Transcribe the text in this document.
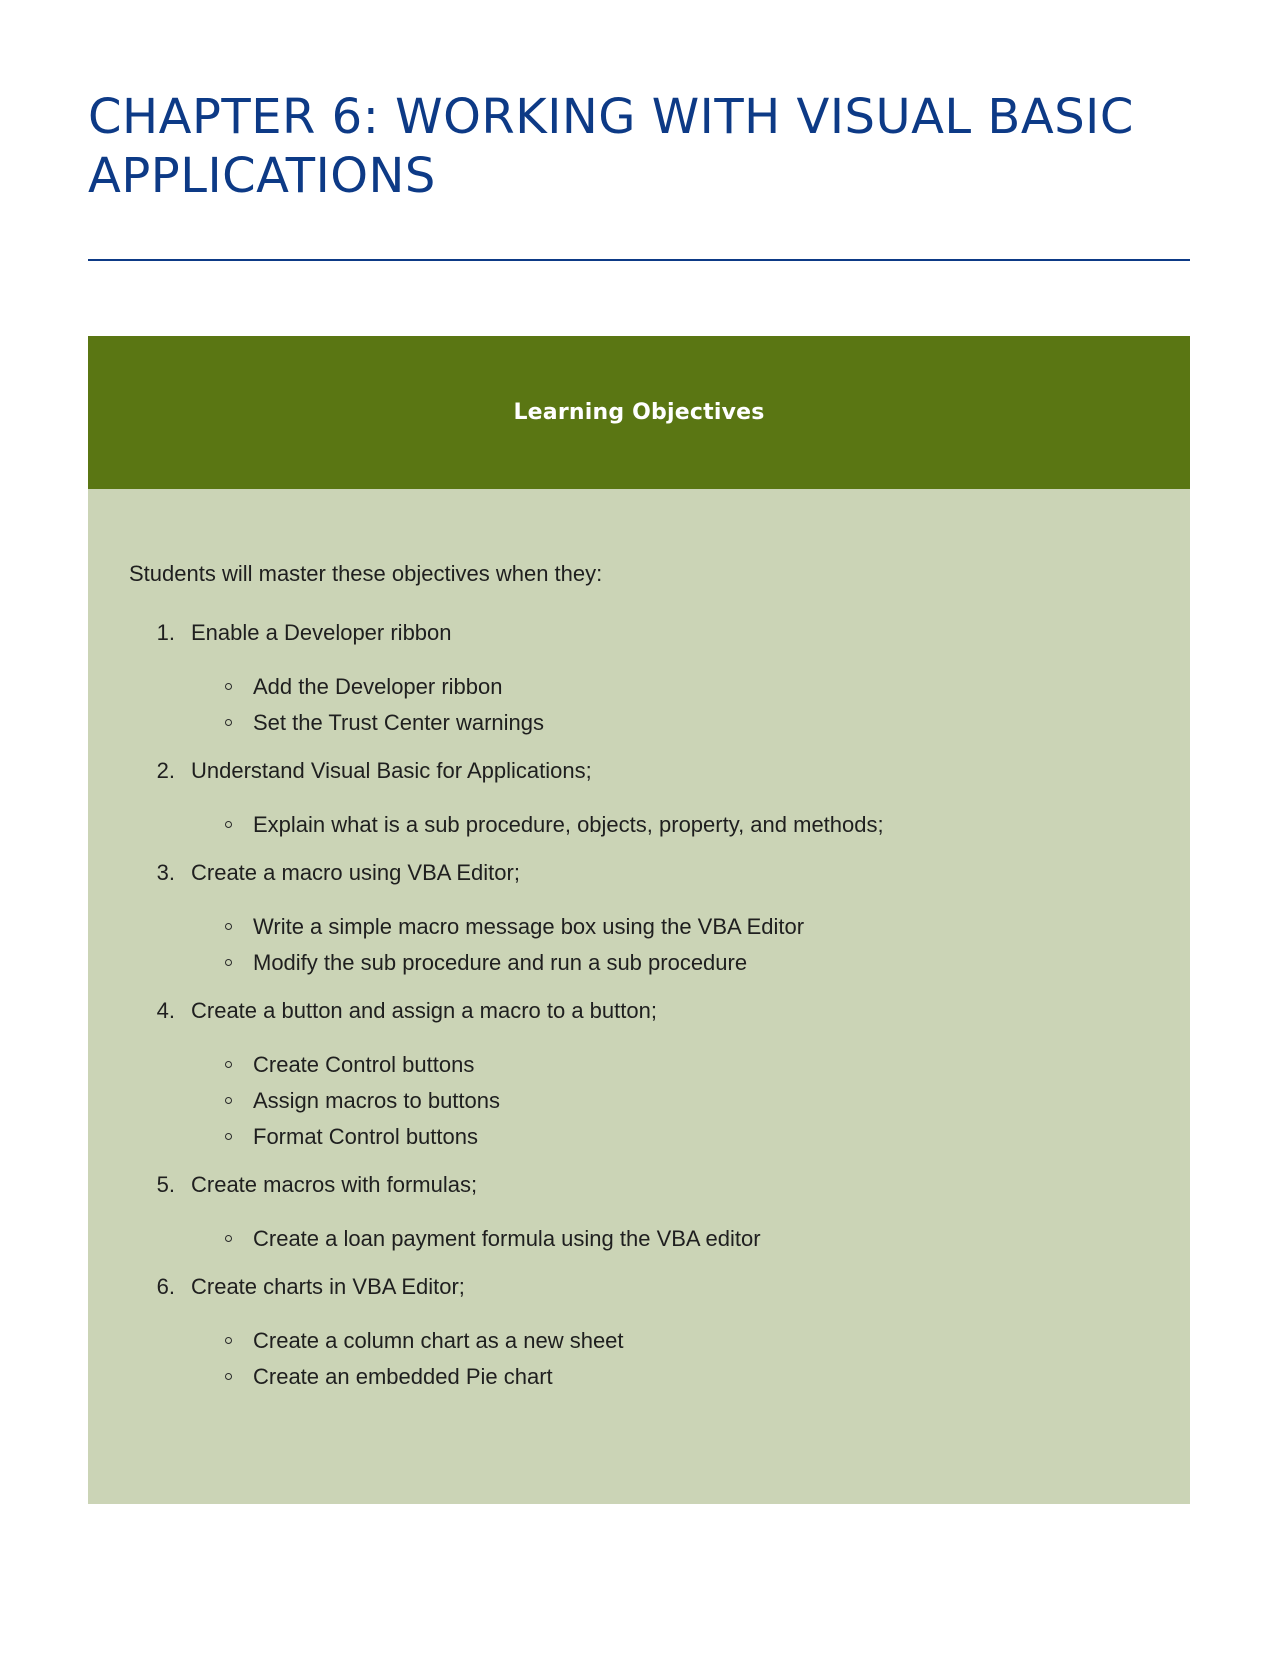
CHAPTER 6: WORKING WITH VISUAL BASIC
APPLICATIONS
Learning Objectives

Students will master these objectives when they:

1. Enable a Developer ribbon
Add the Developer ribbon
Set the Trust Center warnings
2. Understand Visual Basic for Applications;
Explain what is a sub procedure, objects, property, and methods;
3. Create a macro using VBA Editor;
Write a simple macro message box using the VBA Editor
Modify the sub procedure and run a sub procedure
4. Create a button and assign a macro to a button;
Create Control buttons
Assign macros to buttons
Format Control buttons
5. Create macros with formulas;
Create a loan payment formula using the VBA editor
6. Create charts in VBA Editor;
Create a column chart as a new sheet
Create an embedded Pie chart
